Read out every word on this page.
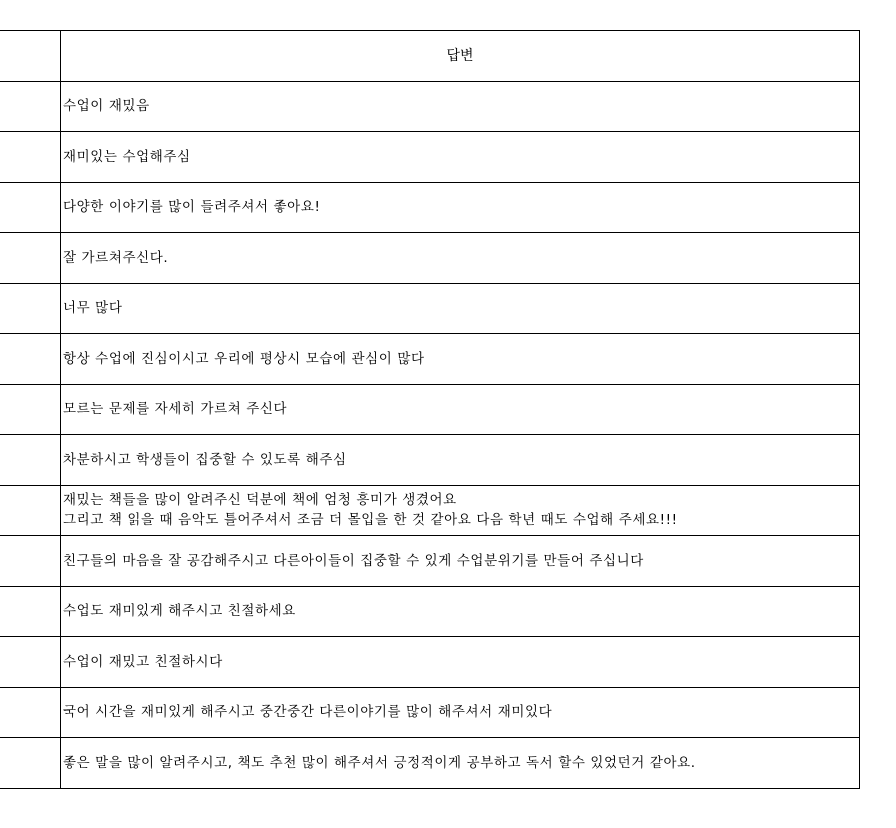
	답변

	수업이 재밌음

	재미있는 수업해주심

	다양한 이야기를 많이 들려주셔서 좋아요!

	잘 가르쳐주신다.

	너무 많다

	항상 수업에 진심이시고 우리에 평상시 모습에 관심이 많다

	모르는 문제를 자세히 가르쳐 주신다

	차분하시고 학생들이 집중할 수 있도록 해주심

	재밌는 책들을 많이 알려주신 덕분에 책에 엄청 흥미가 생겼어요
그리고 책 읽을 때 음악도 틀어주셔서 조금 더 몰입을 한 것 같아요 다음 학년 때도 수업해 주세요!!!

	친구들의 마음을 잘 공감해주시고 다른아이들이 집중할 수 있게 수업분위기를 만들어 주십니다

	수업도 재미있게 해주시고 친절하세요

	수업이 재밌고 친절하시다

	국어 시간을 재미있게 해주시고 중간중간 다른이야기를 많이 해주셔서 재미있다

	좋은 말을 많이 알려주시고, 책도 추천 많이 해주셔서 긍정적이게 공부하고 독서 할수 있었던거 같아요.
